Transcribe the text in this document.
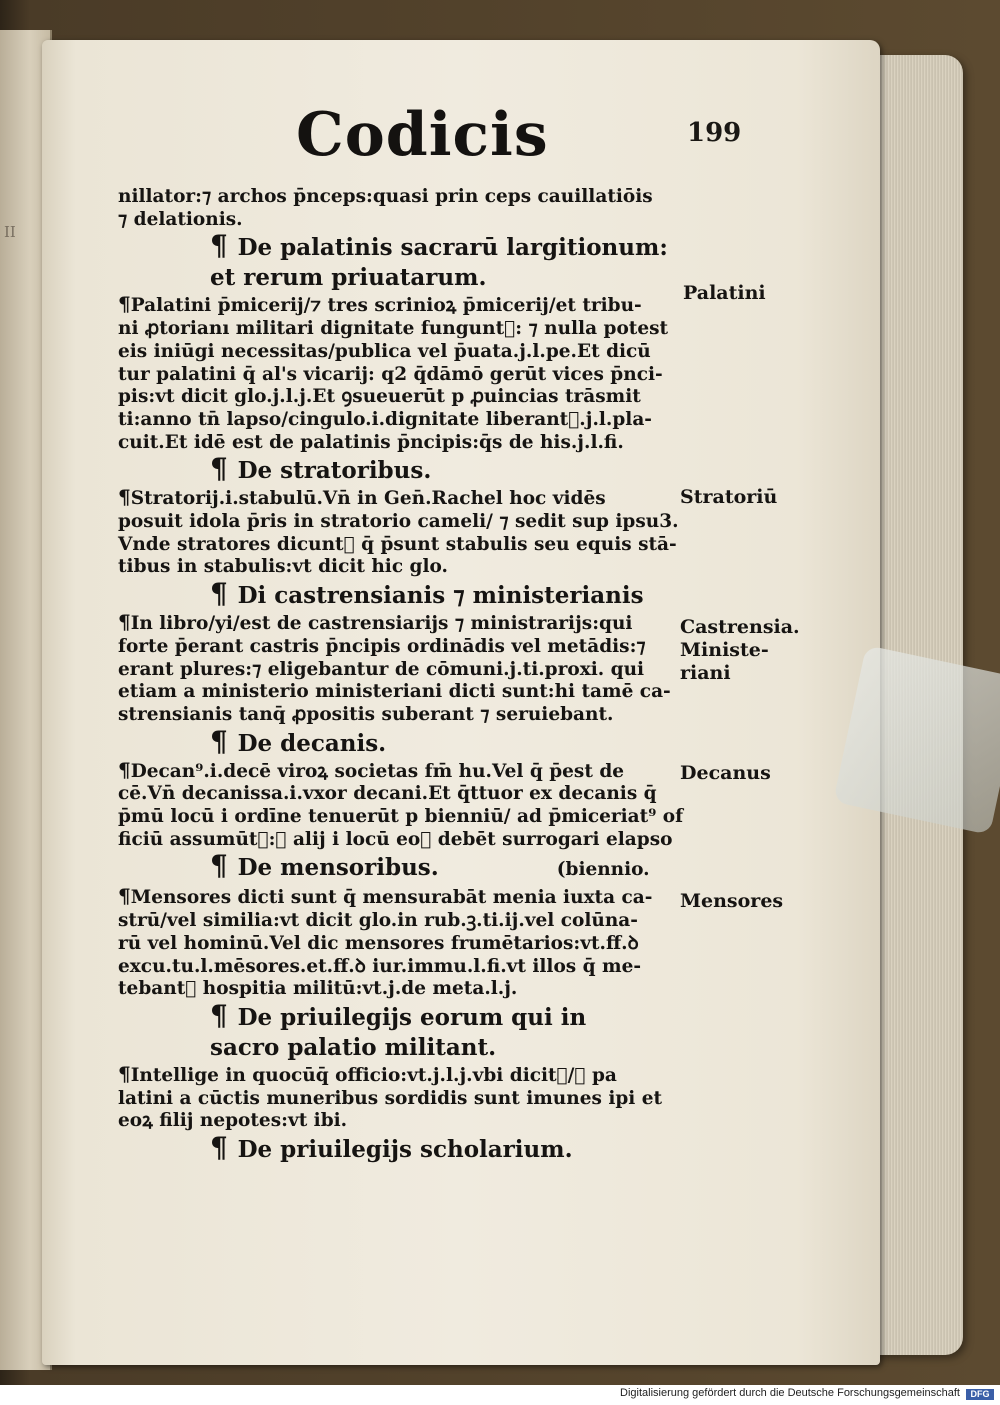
II
Codicis	199
nillator:⁊ archos p̄nceps:quasi prin ceps cauillatiōis
⁊ delationis.
¶ De palatinis sacrarū largitionum:
et rerum priuatarum.
¶Palatini p̄micerij/⁊ tres scrinioꝝ p̄micerij/et tribu-
ni ꝓtorianı militari dignitate funguntᷣ: ⁊ nulla potest
eis iniūgi necessitas/publica vel p̄uata.j.l.pe.Et dicū
tur palatini q̄ al's vicarij: q2 q̄dāmō gerūt vices p̄nci-
pis:vt dicit glo.j.l.j.Et ꝯsueuerūt p ꝓuincias trāsmit
ti:anno tn̄ lapso/cingulo.i.dignitate liberantᷣ.j.l.pla-
cuit.Et idē est de palatinis p̄ncipis:q̄s de his.j.l.fi.
¶ De stratoribus.
¶Stratorij.i.stabulū.Vn̄ in Gen̄.Rachel hoc vidēs
posuit idola p̄ris in stratorio cameli/ ⁊ sedit sup ipsu3.
Vnde stratores dicuntᷣ q̄ p̄sunt stabulis seu equis stā-
tibus in stabulis:vt dicit hic glo.
¶ Di castrensianis ⁊ ministerianis
¶In libro/yi/est de castrensiarijs ⁊ ministrarijs:qui
forte p̄erant castris p̄ncipis ordinādis vel metādis:⁊
erant plures:⁊ eligebantur de cōmuni.j.ti.proxi. qui
etiam a ministerio ministeriani dicti sunt:hi tamē ca-
strensianis tanq̄ ꝓpositis suberant ⁊ seruiebant.
¶ De decanis.
¶Decan⁹.i.decē viroꝝ societas fm̄ hu.Vel q̄ p̄est de
cē.Vn̄ decanissa.i.vxor decani.Et q̄ttuor ex decanis q̄
p̄mū locū i ordīne tenuerūt p bienniū/ ad p̄miceriat⁹ of
ficiū assumūtᷣ:⁊ alij i locū eoꝝ debēt surrogari elapso
¶ De mensoribus.	(biennio.
¶Mensores dicti sunt q̄ mensurabāt menia iuxta ca-
strū/vel similia:vt dicit glo.in rub.ꝫ.ti.ij.vel colūna-
rū vel hominū.Vel dic mensores frumētarios:vt.ff.ꝺ
excu.tu.l.mēsores.et.ff.ꝺ iur.immu.l.fi.vt illos q̄ me-
tebantᷣ hospitia militū:vt.j.de meta.l.j.
¶ De priuilegijs eorum qui in
sacro palatio militant.
¶Intellige in quocūq̄ officio:vt.j.l.j.vbi dicitᷣ/ꝙ pa
latini a cūctis muneribus sordidis sunt imunes ipi et
eoꝝ filij nepotes:vt ibi.
¶ De priuilegijs scholarium.
Palatini
Stratoriū
Castrensia.
Ministe-
riani
Decanus
Mensores
Digitalisierung gefördert durch die Deutsche Forschungsgemeinschaft	DFG
